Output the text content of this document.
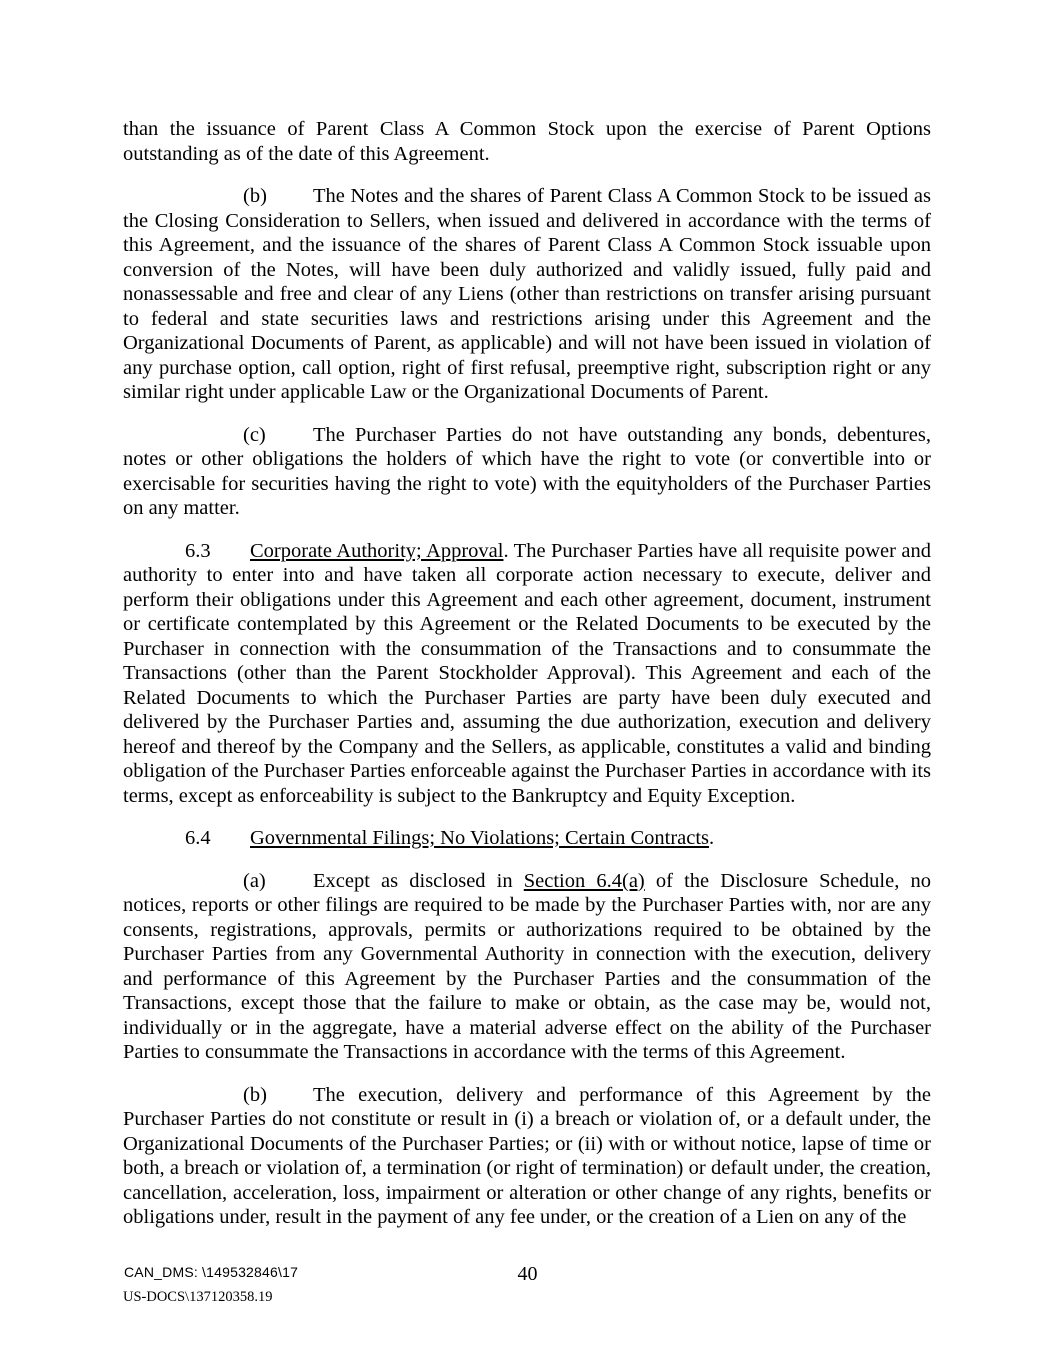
than the issuance of Parent Class A Common Stock upon the exercise of Parent Options outstanding as of the date of this Agreement.

(b) The Notes and the shares of Parent Class A Common Stock to be issued as the Closing Consideration to Sellers, when issued and delivered in accordance with the terms of this Agreement, and the issuance of the shares of Parent Class A Common Stock issuable upon conversion of the Notes, will have been duly authorized and validly issued, fully paid and nonassessable and free and clear of any Liens (other than restrictions on transfer arising pursuant to federal and state securities laws and restrictions arising under this Agreement and the Organizational Documents of Parent, as applicable) and will not have been issued in violation of any purchase option, call option, right of first refusal, preemptive right, subscription right or any similar right under applicable Law or the Organizational Documents of Parent.

(c) The Purchaser Parties do not have outstanding any bonds, debentures, notes or other obligations the holders of which have the right to vote (or convertible into or exercisable for securities having the right to vote) with the equityholders of the Purchaser Parties on any matter.

6.3 Corporate Authority; Approval. The Purchaser Parties have all requisite power and authority to enter into and have taken all corporate action necessary to execute, deliver and perform their obligations under this Agreement and each other agreement, document, instrument or certificate contemplated by this Agreement or the Related Documents to be executed by the Purchaser in connection with the consummation of the Transactions and to consummate the Transactions (other than the Parent Stockholder Approval). This Agreement and each of the Related Documents to which the Purchaser Parties are party have been duly executed and delivered by the Purchaser Parties and, assuming the due authorization, execution and delivery hereof and thereof by the Company and the Sellers, as applicable, constitutes a valid and binding obligation of the Purchaser Parties enforceable against the Purchaser Parties in accordance with its terms, except as enforceability is subject to the Bankruptcy and Equity Exception.

6.4 Governmental Filings; No Violations; Certain Contracts.

(a) Except as disclosed in Section 6.4(a) of the Disclosure Schedule, no notices, reports or other filings are required to be made by the Purchaser Parties with, nor are any consents, registrations, approvals, permits or authorizations required to be obtained by the Purchaser Parties from any Governmental Authority in connection with the execution, delivery and performance of this Agreement by the Purchaser Parties and the consummation of the Transactions, except those that the failure to make or obtain, as the case may be, would not, individually or in the aggregate, have a material adverse effect on the ability of the Purchaser Parties to consummate the Transactions in accordance with the terms of this Agreement.

(b) The execution, delivery and performance of this Agreement by the Purchaser Parties do not constitute or result in (i) a breach or violation of, or a default under, the Organizational Documents of the Purchaser Parties; or (ii) with or without notice, lapse of time or both, a breach or violation of, a termination (or right of termination) or default under, the creation, cancellation, acceleration, loss, impairment or alteration or other change of any rights, benefits or obligations under, result in the payment of any fee under, or the creation of a Lien on any of the

CAN_DMS: \149532846\17
US-DOCS\137120358.19
40
